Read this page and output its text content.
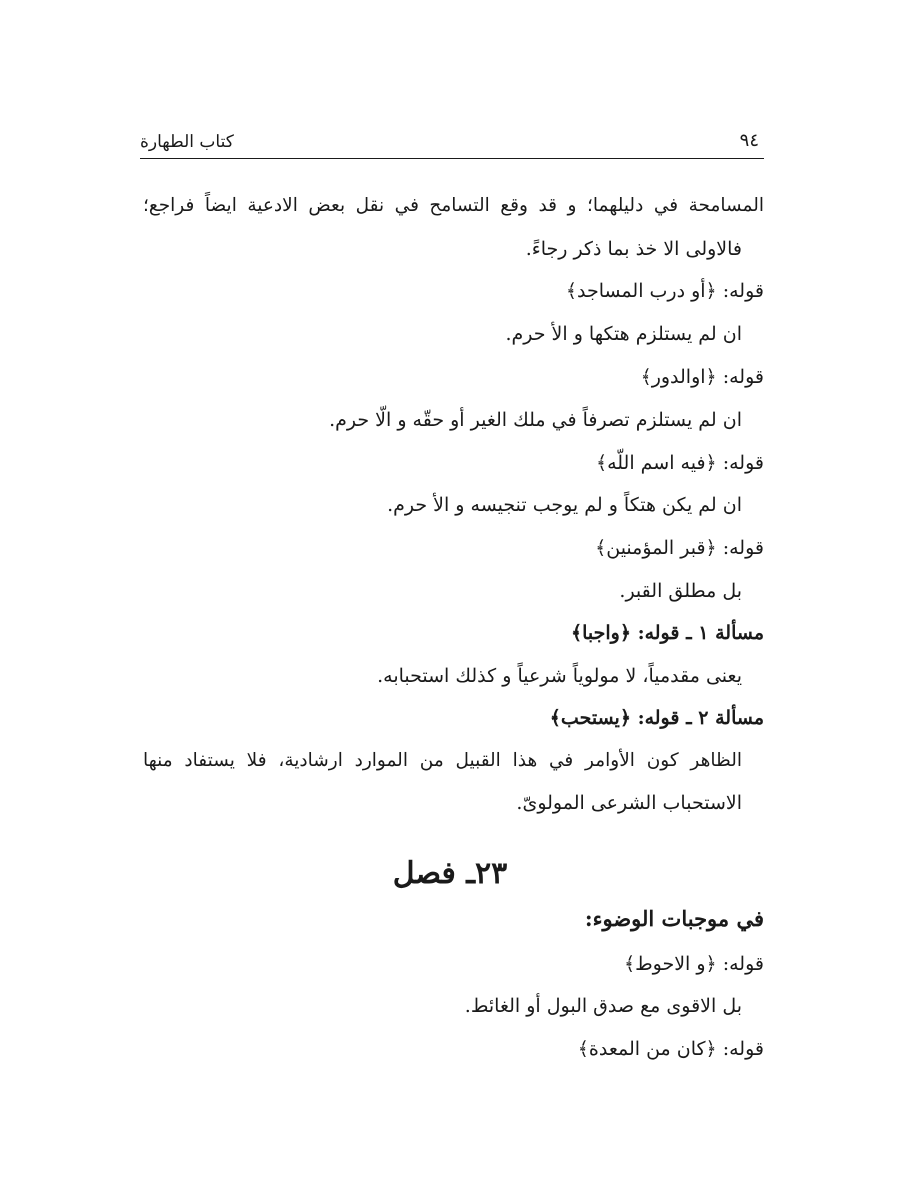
كتاب الطهارة	٩٤
المسامحة في دليلهما؛ و قد وقع التسامح في نقل بعض الادعية ايضاً فراجع؛
فالاولى الا خذ بما ذكر رجاءً.
قوله: ﴿أو درب المساجد﴾
ان لم يستلزم هتكها و الأ حرم.
قوله: ﴿اوالدور﴾
ان لم يستلزم تصرفاً في ملك الغير أو حقّه و الّا حرم.
قوله: ﴿فيه اسم اللّه﴾
ان لم يكن هتكاً و لم يوجب تنجيسه و الأ حرم.
قوله: ﴿قبر المؤمنين﴾
بل مطلق القبر.
مسألة ۱ ـ قوله: ﴿واجبا﴾
يعنى مقدمياً، لا مولوياً شرعياً و كذلك استحبابه.
مسألة ۲ ـ قوله: ﴿يستحب﴾
الظاهر كون الأوامر في هذا القبيل من الموارد ارشادية، فلا يستفاد منها
الاستحباب الشرعى المولوىّ.
۲۳ـ فصل
في موجبات الوضوء:
قوله: ﴿و الاحوط﴾
بل الاقوى مع صدق البول أو الغائط.
قوله: ﴿كان من المعدة﴾
